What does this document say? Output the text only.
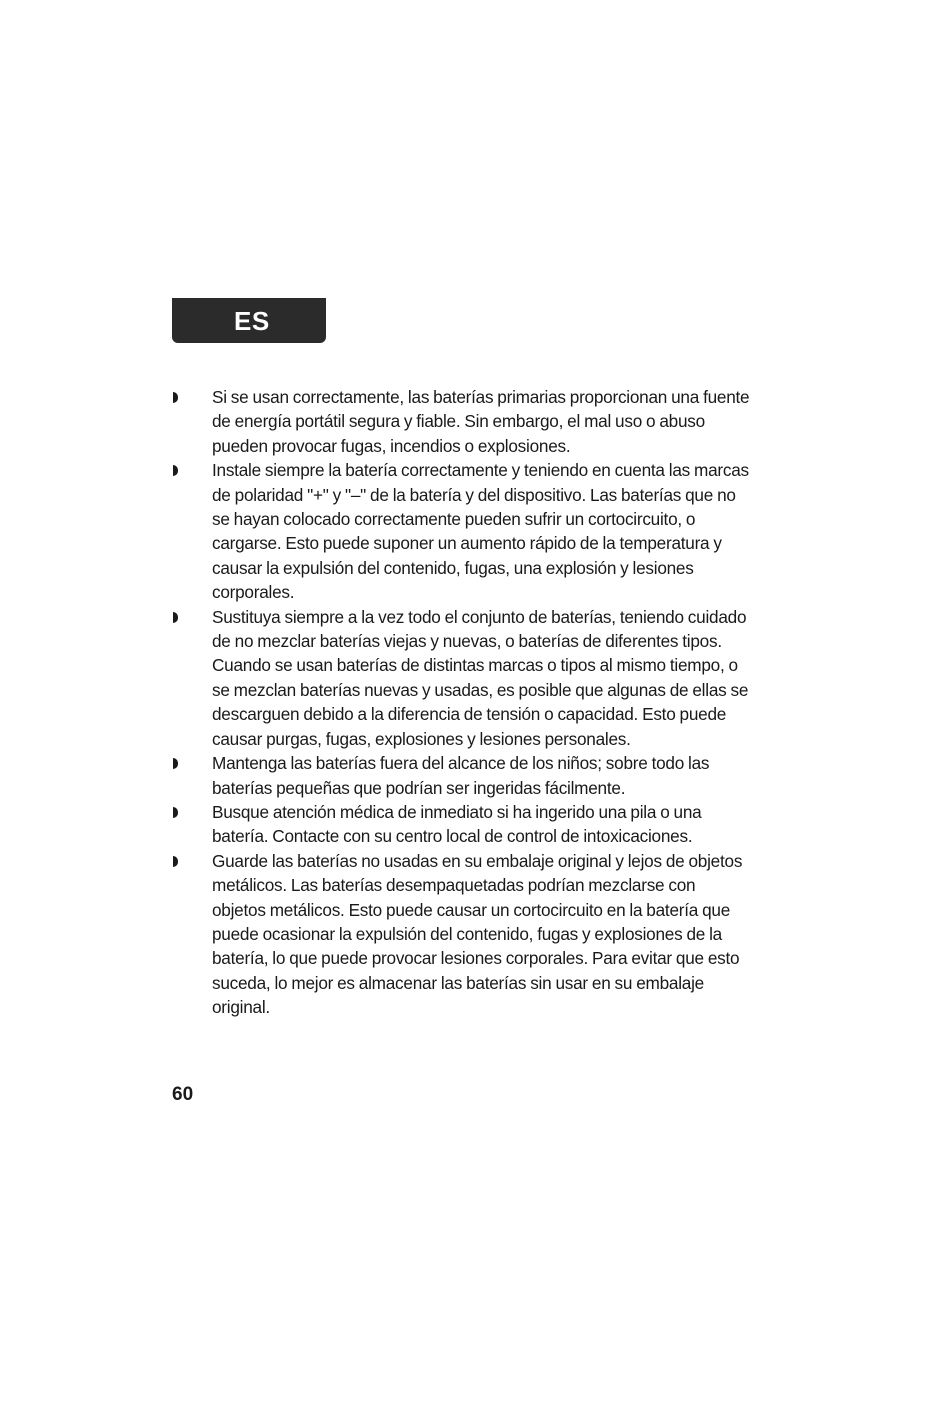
ES
Si se usan correctamente, las baterías primarias proporcionan una fuente de energía portátil segura y fiable. Sin embargo, el mal uso o abuso pueden provocar fugas, incendios o explosiones.
Instale siempre la batería correctamente y teniendo en cuenta las marcas de polaridad "+" y "–" de la batería y del dispositivo. Las baterías que no se hayan colocado correctamente pueden sufrir un cortocircuito, o cargarse. Esto puede suponer un aumento rápido de la temperatura y causar la expulsión del contenido, fugas, una explosión y lesiones corporales.
Sustituya siempre a la vez todo el conjunto de baterías, teniendo cuidado de no mezclar baterías viejas y nuevas, o baterías de diferentes tipos. Cuando se usan baterías de distintas marcas o tipos al mismo tiempo, o se mezclan baterías nuevas y usadas, es posible que algunas de ellas se descarguen debido a la diferencia de tensión o capacidad. Esto puede causar purgas, fugas, explosiones y lesiones personales.
Mantenga las baterías fuera del alcance de los niños; sobre todo las baterías pequeñas que podrían ser ingeridas fácilmente.
Busque atención médica de inmediato si ha ingerido una pila o una batería. Contacte con su centro local de control de intoxicaciones.
Guarde las baterías no usadas en su embalaje original y lejos de objetos metálicos. Las baterías desempaquetadas podrían mezclarse con objetos metálicos. Esto puede causar un cortocircuito en la batería que puede ocasionar la expulsión del contenido, fugas y explosiones de la batería, lo que puede provocar lesiones corporales. Para evitar que esto suceda, lo mejor es almacenar las baterías sin usar en su embalaje original.
60
